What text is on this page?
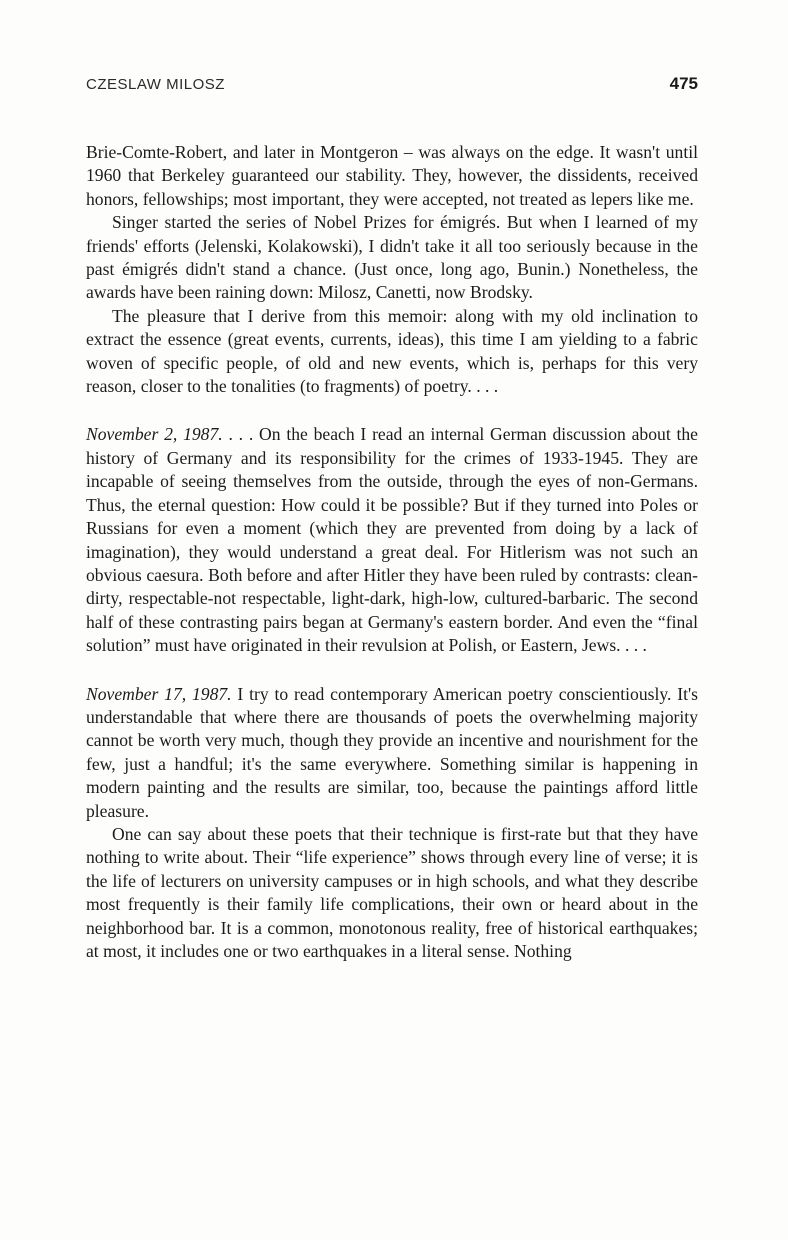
CZESLAW MILOSZ	475

Brie-Comte-Robert, and later in Montgeron – was always on the edge. It wasn't until 1960 that Berkeley guaranteed our stability. They, however, the dissidents, received honors, fellowships; most important, they were accepted, not treated as lepers like me.

Singer started the series of Nobel Prizes for émigrés. But when I learned of my friends' efforts (Jelenski, Kolakowski), I didn't take it all too seriously because in the past émigrés didn't stand a chance. (Just once, long ago, Bunin.) Nonetheless, the awards have been raining down: Milosz, Canetti, now Brodsky.

The pleasure that I derive from this memoir: along with my old inclination to extract the essence (great events, currents, ideas), this time I am yielding to a fabric woven of specific people, of old and new events, which is, perhaps for this very reason, closer to the tonalities (to fragments) of poetry. . . .

November 2, 1987. . . . On the beach I read an internal German discussion about the history of Germany and its responsibility for the crimes of 1933-1945. They are incapable of seeing themselves from the outside, through the eyes of non-Germans. Thus, the eternal question: How could it be possible? But if they turned into Poles or Russians for even a moment (which they are prevented from doing by a lack of imagination), they would understand a great deal. For Hitlerism was not such an obvious caesura. Both before and after Hitler they have been ruled by contrasts: clean-dirty, respectable-not respectable, light-dark, high-low, cultured-barbaric. The second half of these contrasting pairs began at Germany's eastern border. And even the “final solution” must have originated in their revulsion at Polish, or Eastern, Jews. . . .

November 17, 1987. I try to read contemporary American poetry conscientiously. It's understandable that where there are thousands of poets the overwhelming majority cannot be worth very much, though they provide an incentive and nourishment for the few, just a handful; it's the same everywhere. Something similar is happening in modern painting and the results are similar, too, because the paintings afford little pleasure.

One can say about these poets that their technique is first-rate but that they have nothing to write about. Their “life experience” shows through every line of verse; it is the life of lecturers on university campuses or in high schools, and what they describe most frequently is their family life complications, their own or heard about in the neighborhood bar. It is a common, monotonous reality, free of historical earthquakes; at most, it includes one or two earthquakes in a literal sense. Nothing
